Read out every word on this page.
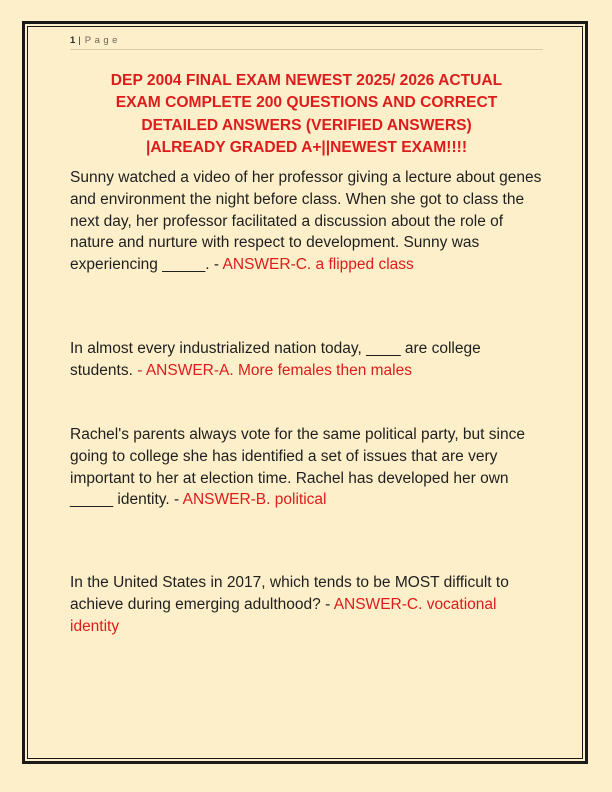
1 | Page
DEP 2004 FINAL EXAM NEWEST 2025/ 2026 ACTUAL
EXAM COMPLETE 200 QUESTIONS AND CORRECT
DETAILED ANSWERS (VERIFIED ANSWERS)
|ALREADY GRADED A+||NEWEST EXAM!!!!

Sunny watched a video of her professor giving a lecture about genes and environment the night before class. When she got to class the next day, her professor facilitated a discussion about the role of nature and nurture with respect to development. Sunny was experiencing _____. - ANSWER-C. a flipped class

In almost every industrialized nation today, ____ are college students. - ANSWER-A. More females then males

Rachel's parents always vote for the same political party, but since going to college she has identified a set of issues that are very important to her at election time. Rachel has developed her own _____ identity. - ANSWER-B. political

In the United States in 2017, which tends to be MOST difficult to achieve during emerging adulthood? - ANSWER-C. vocational identity
